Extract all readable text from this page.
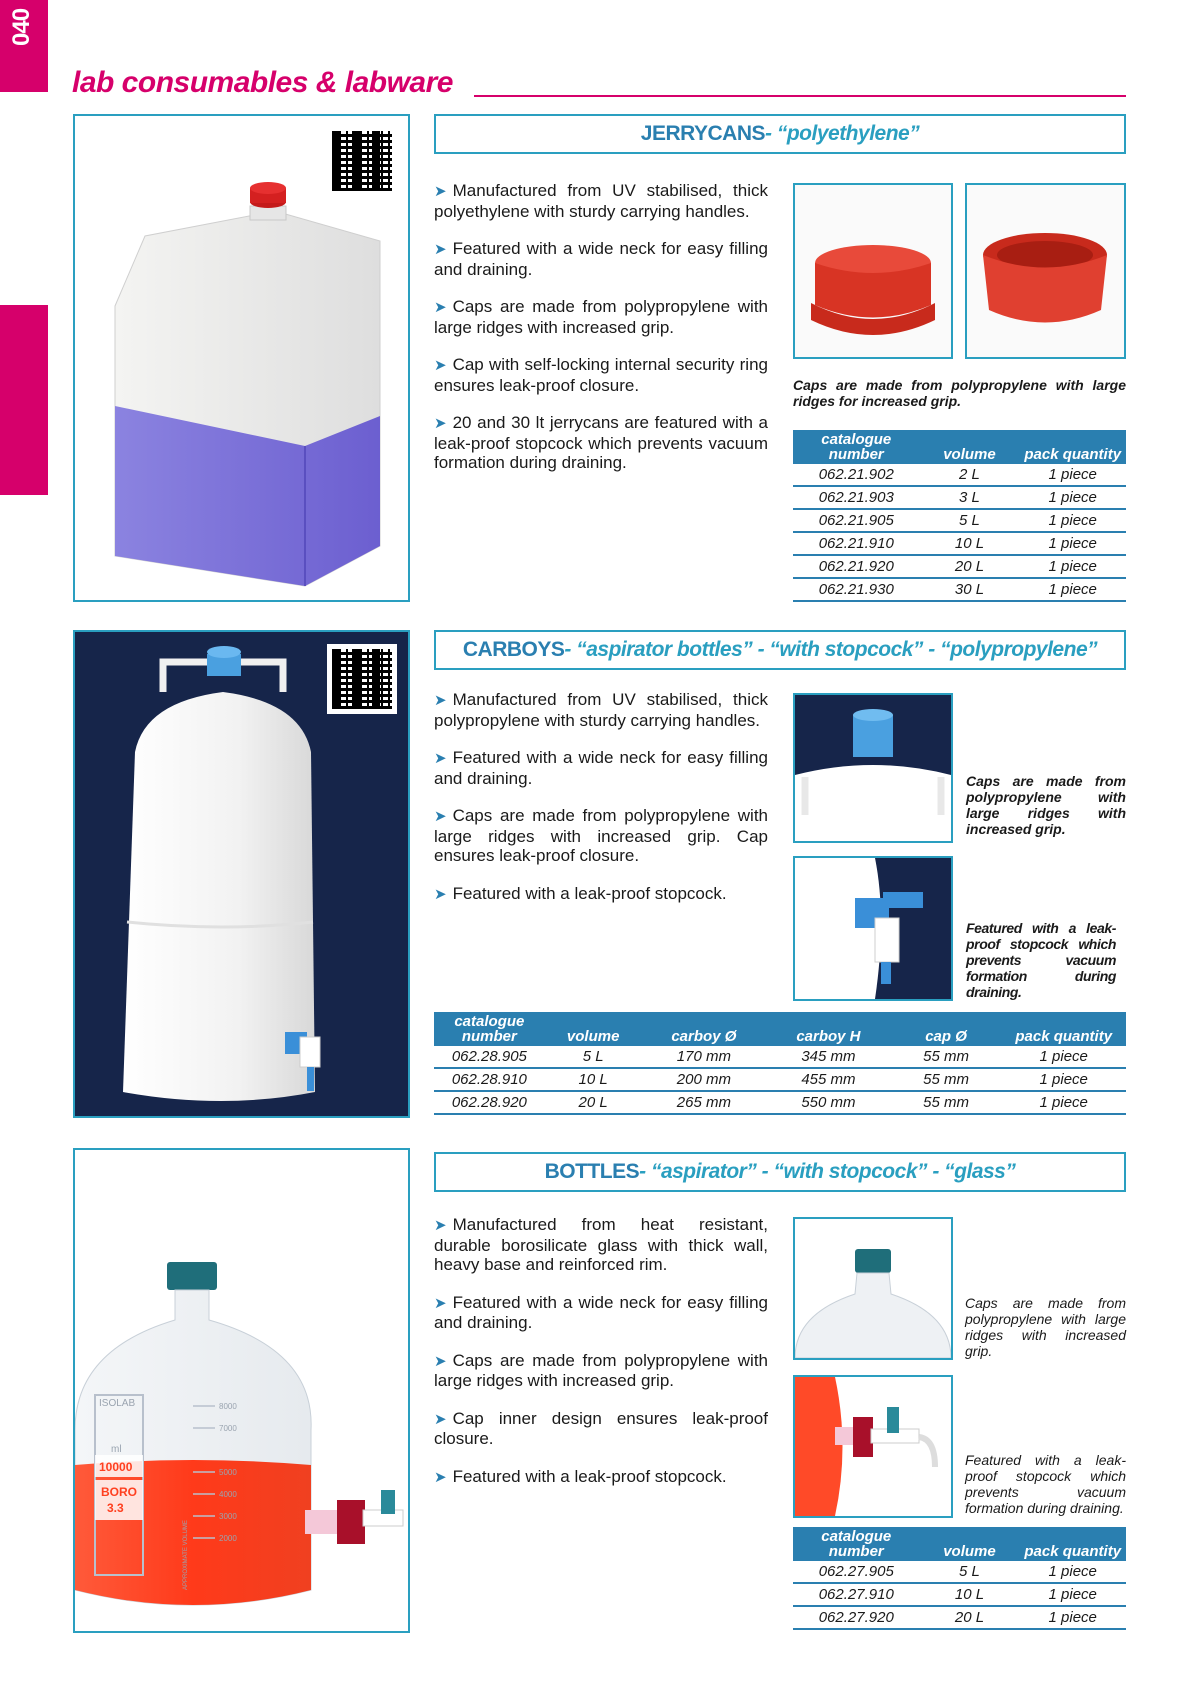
040
lab consumables & labware
JERRYCANS - “polyethylene”

➤ Manufactured from UV stabilised, thick polyethylene with sturdy carrying handles.

➤ Featured with a wide neck for easy filling and draining.

➤ Caps are made from polypropylene with large ridges with increased grip.

➤ Cap with self-locking internal security ring ensures leak-proof closure.

➤ 20 and 30 lt jerrycans are featured with a leak-proof stopcock which prevents vacuum formation during draining.

Caps are made from polypropylene with large ridges for increased grip.
catalogue number	volume	pack quantity
062.21.902	2 L	1 piece
062.21.903	3 L	1 piece
062.21.905	5 L	1 piece
062.21.910	10 L	1 piece
062.21.920	20 L	1 piece
062.21.930	30 L	1 piece
CARBOYS - “aspirator bottles” - “with stopcock” - “polypropylene”

➤ Manufactured from UV stabilised, thick polypropylene with sturdy carrying handles.

➤ Featured with a wide neck for easy filling and draining.

➤ Caps are made from polypropylene with large ridges with increased grip. Cap ensures leak-proof closure.

➤ Featured with a leak-proof stopcock.

Caps are made from polypropylene with large ridges with increased grip.
Featured with a leak-proof stopcock which prevents vacuum formation during draining.
catalogue number	volume	carboy Ø	carboy H	cap Ø	pack quantity
062.28.905	5 L	170 mm	345 mm	55 mm	1 piece
062.28.910	10 L	200 mm	455 mm	55 mm	1 piece
062.28.920	20 L	265 mm	550 mm	55 mm	1 piece
ISOLAB
ml
10000
BORO
3.3
APPROXIMATE VOLUME
8000
7000
5000
4000
3000
2000
BOTTLES - “aspirator” - “with stopcock” - “glass”

➤ Manufactured from heat resistant, durable borosilicate glass with thick wall, heavy base and reinforced rim.

➤ Featured with a wide neck for easy filling and draining.

➤ Caps are made from polypropylene with large ridges with increased grip.

➤ Cap inner design ensures leak-proof closure.

➤ Featured with a leak-proof stopcock.

Caps are made from polypropylene with large ridges with increased grip.
Featured with a leak-proof stopcock which prevents vacuum formation during draining.
catalogue number	volume	pack quantity
062.27.905	5 L	1 piece
062.27.910	10 L	1 piece
062.27.920	20 L	1 piece
